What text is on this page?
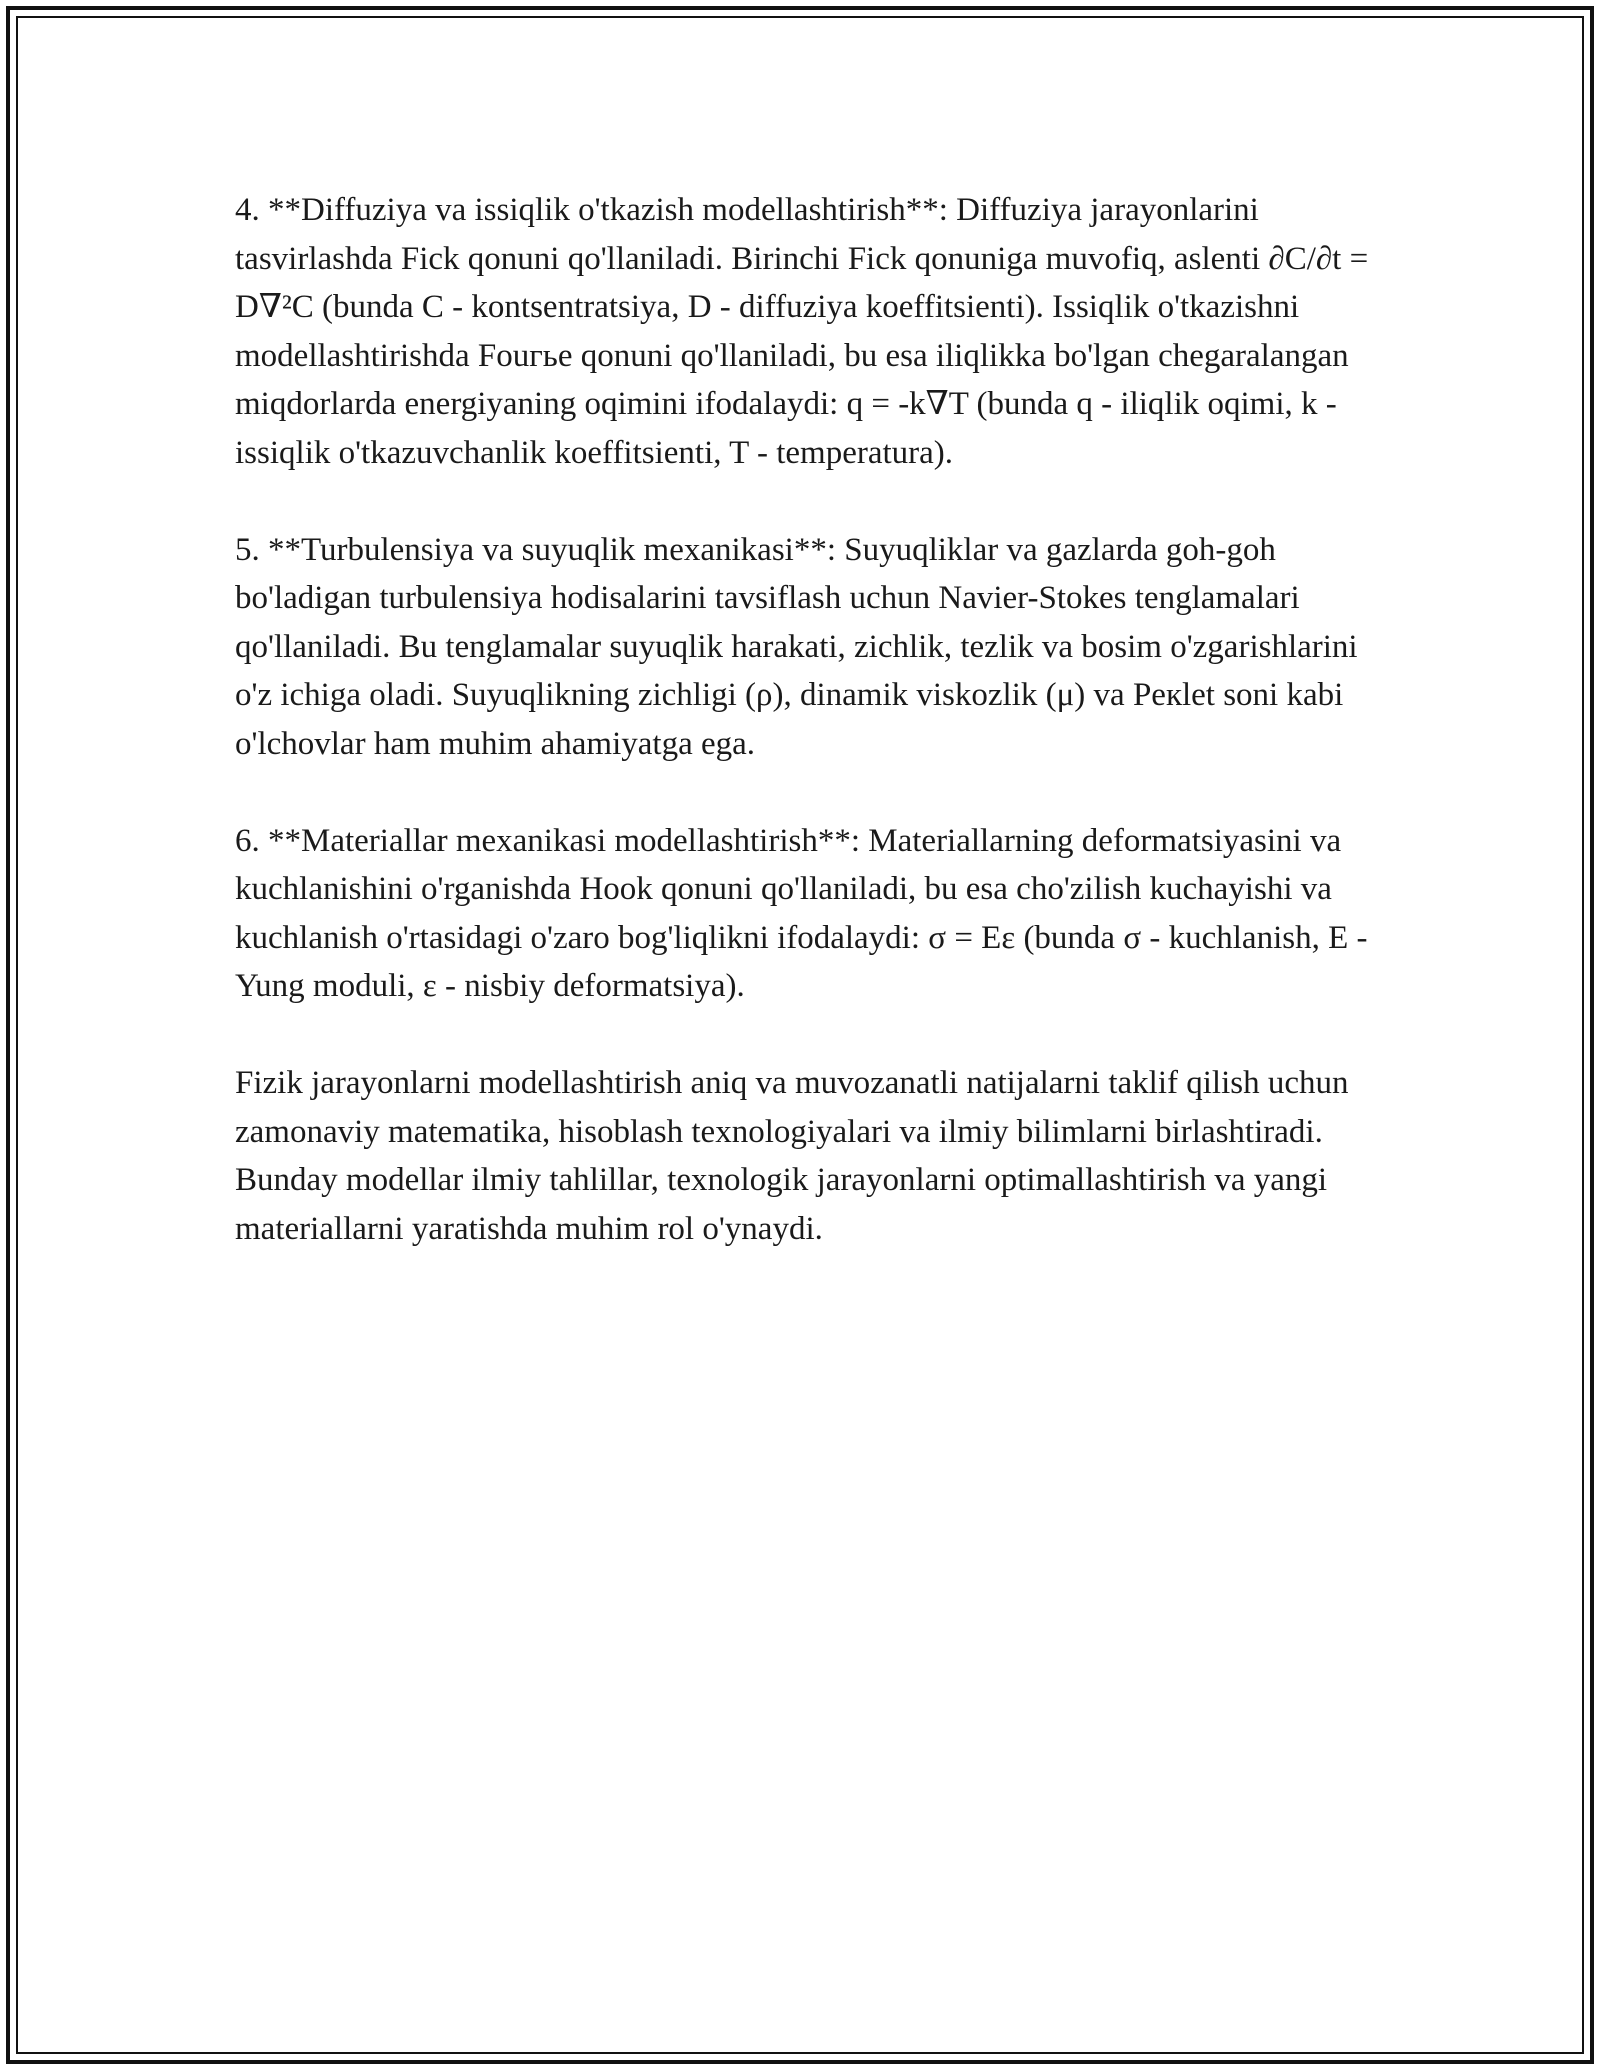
4. **Diffuziya va issiqlik o'tkazish modellashtirish**: Diffuziya jarayonlarini tasvirlashda Fick qonuni qo'llaniladi. Birinchi Fick qonuniga muvofiq, aslenti ∂C/∂t = D∇²C (bunda C - kontsentratsiya, D - diffuziya koeffitsienti). Issiqlik o'tkazishni modellashtirishda Fouгье qonuni qo'llaniladi, bu esa iliqlikka bo'lgan chegaralangan miqdorlarda energiyaning oqimini ifodalaydi: q = -k∇T (bunda q - iliqlik oqimi, k - issiqlik o'tkazuvchanlik koeffitsienti, T - temperatura).

5. **Turbulensiya va suyuqlik mexanikasi**: Suyuqliklar va gazlarda goh-goh bo'ladigan turbulensiya hodisalarini tavsiflash uchun Navier-Stokes tenglamalari qo'llaniladi. Bu tenglamalar suyuqlik harakati, zichlik, tezlik va bosim o'zgarishlarini o'z ichiga oladi. Suyuqlikning zichligi (ρ), dinamik viskozlik (μ) va Peкlet soni kabi o'lchovlar ham muhim ahamiyatga ega.

6. **Materiallar mexanikasi modellashtirish**: Materiallarning deformatsiyasini va kuchlanishini o'rganishda Hook qonuni qo'llaniladi, bu esa cho'zilish kuchayishi va kuchlanish o'rtasidagi o'zaro bog'liqlikni ifodalaydi: σ = Eε (bunda σ - kuchlanish, E - Yung moduli, ε - nisbiy deformatsiya).

Fizik jarayonlarni modellashtirish aniq va muvozanatli natijalarni taklif qilish uchun zamonaviy matematika, hisoblash texnologiyalari va ilmiy bilimlarni birlashtiradi. Bunday modellar ilmiy tahlillar, texnologik jarayonlarni optimallashtirish va yangi materiallarni yaratishda muhim rol o'ynaydi.
